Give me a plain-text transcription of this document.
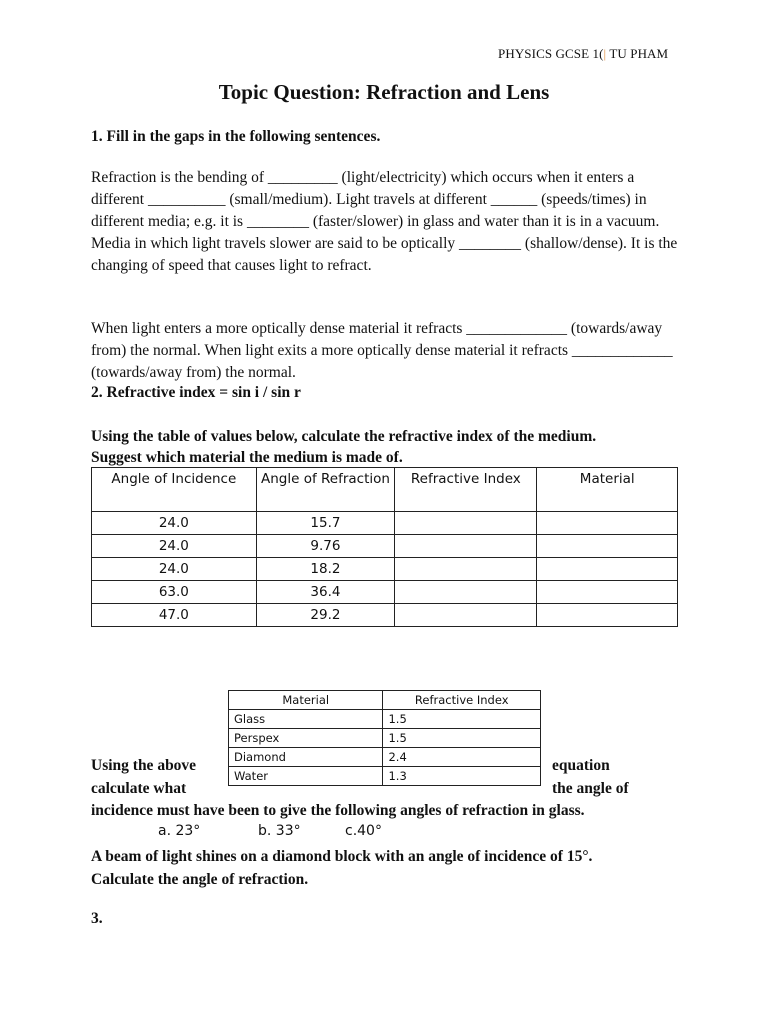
PHYSICS GCSE 1(| TU PHAM
Topic Question: Refraction and Lens
1. Fill in the gaps in the following sentences.
Refraction is the bending of _________ (light/electricity) which occurs when it enters a different __________ (small/medium). Light travels at different ______ (speeds/times) in different media; e.g. it is ________ (faster/slower) in glass and water than it is in a vacuum. Media in which light travels slower are said to be optically ________ (shallow/dense). It is the changing of speed that causes light to refract.
When light enters a more optically dense material it refracts _____________ (towards/away from) the normal. When light exits a more optically dense material it refracts _____________ (towards/away from) the normal.
2. Refractive index = sin i / sin r
Using the table of values below, calculate the refractive index of the medium.
Suggest which material the medium is made of.
Angle of Incidence	Angle of Refraction	Refractive Index	Material
24.0	15.7		
24.0	9.76		
24.0	18.2		
63.0	36.4		
47.0	29.2		
Material	Refractive Index
Glass	1.5
Perspex	1.5
Diamond	2.4
Water	1.3
Using the above	equation
calculate what	the angle of
incidence must have been to give the following angles of refraction in glass.
a. 23°	b. 33°	c.40°
A beam of light shines on a diamond block with an angle of incidence of 15°.
Calculate the angle of refraction.
3.
